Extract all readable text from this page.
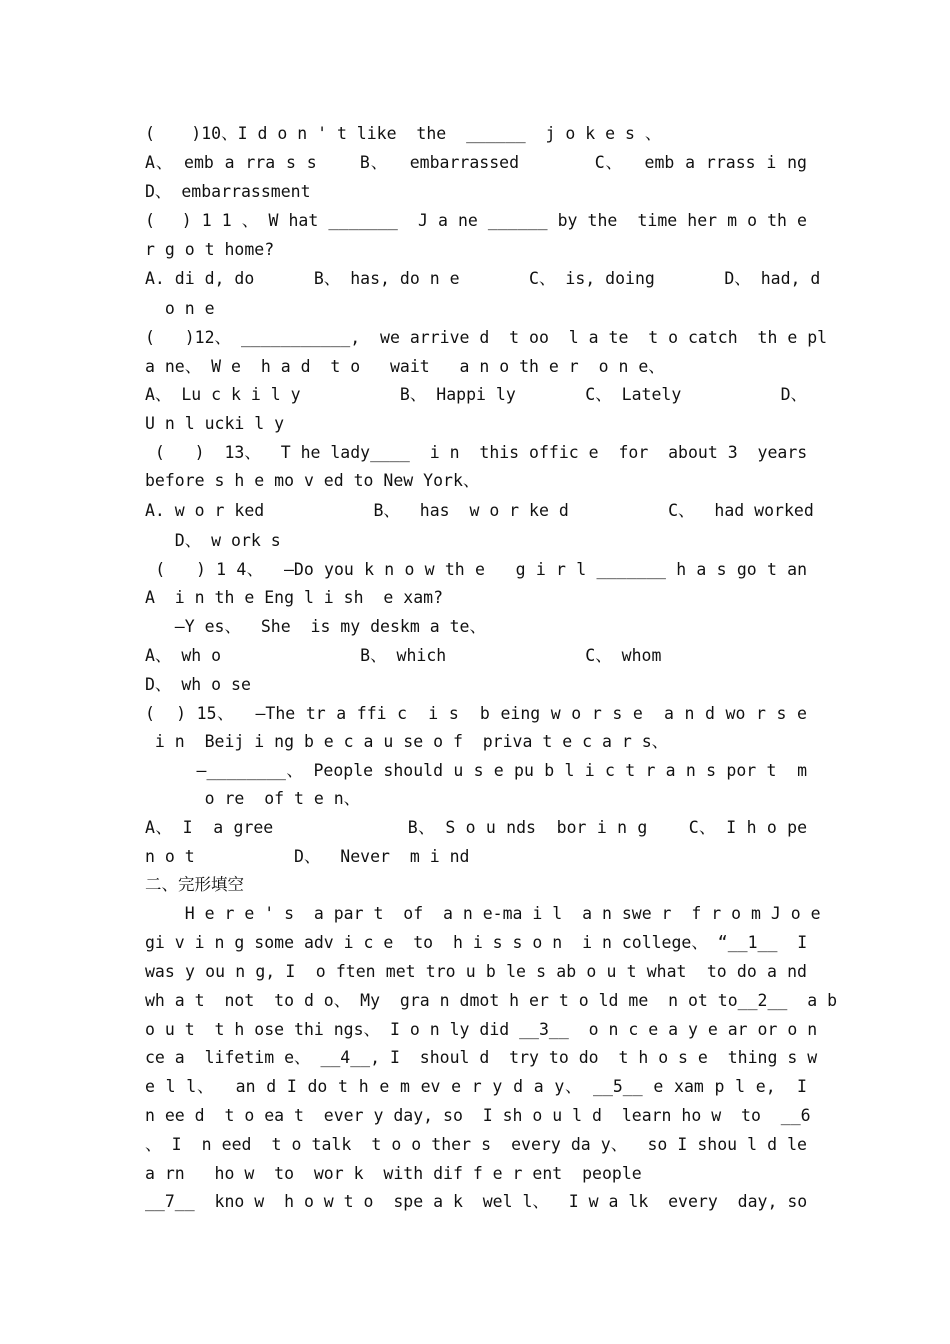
(　  )10、I d o n ' t like  the  ______  j o k e s 、
A、 emb a rra s s    B、  embarrassed       C、  emb a rrass i ng
D、 embarrassment
(　 ) 1 1 、 W hat _______  J a ne ______ by the  time her m o th e
r g o t home?
A. di d, do      B、 has, do n e       C、 is, doing       D、 had, d
o n e
(   )12、 ___________,  we arrive d  t oo  l a te  t o catch  th e pl
a ne、 W e  h a d  t o   wait   a n o th e r  o n e、
A、 Lu c k i l y          B、 Happi ly       C、 Lately          D、
U n l ucki l y
(   )  13、  T he lady____  i n  this offic e  for  about 3  years
before s h e mo v ed to New York、
A. w o r ked           B、  has  w o r ke d          C、  had worked
D、 w ork s
(   ) 1 4、  —Do you k n o w th e   g i r l _______ h a s go t an
A  i n th e Eng l i sh  e xam?
—Y es、  She  is my deskm a te、
A、 wh o              B、 which              C、 whom
D、 wh o se
(  ) 15、  —The tr a ffi c  i s  b eing w o r s e  a n d wo r s e
i n  Beij i ng b e c a u se o f  priva t e c a r s、
—________、 People should u s e pu b l i c t r a n s por t  m
o re  of t e n、
A、 I  a gree             B、 S o u nds  bor i n g    C、 I h o pe
n o t          D、  Never  m i nd
二、完形填空
H e r e ' s  a par t  of  a n e-ma i l  a n swe r  f r o m J o e
gi v i n g some adv i c e  to  h i s s o n  i n college、 “__1__  I
was y ou n g, I  o ften met tro u b le s ab o u t what  to do a nd
wh a t  not  to d o、 My  gra n dmot h er t o ld me  n ot to__2__  a b
o u t  t h ose thi ngs、 I o n ly did __3__  o n c e a y e ar or o n
ce a  lifetim e、 __4__, I  shoul d  try to do  t h o s e  thing s w
e l l、  an d I do t h e m ev e r y d a y、 __5__ e xam p l e,  I
n ee d  t o ea t  ever y day, so  I sh o u l d  learn ho w  to  __6
、 I  n eed  t o talk  t o o ther s  every da y、  so I shou l d le
a rn   ho w  to  wor k  with dif f e r ent  people
__7__  kno w  h o w t o  spe a k  wel l、  I w a lk  every  day, so
